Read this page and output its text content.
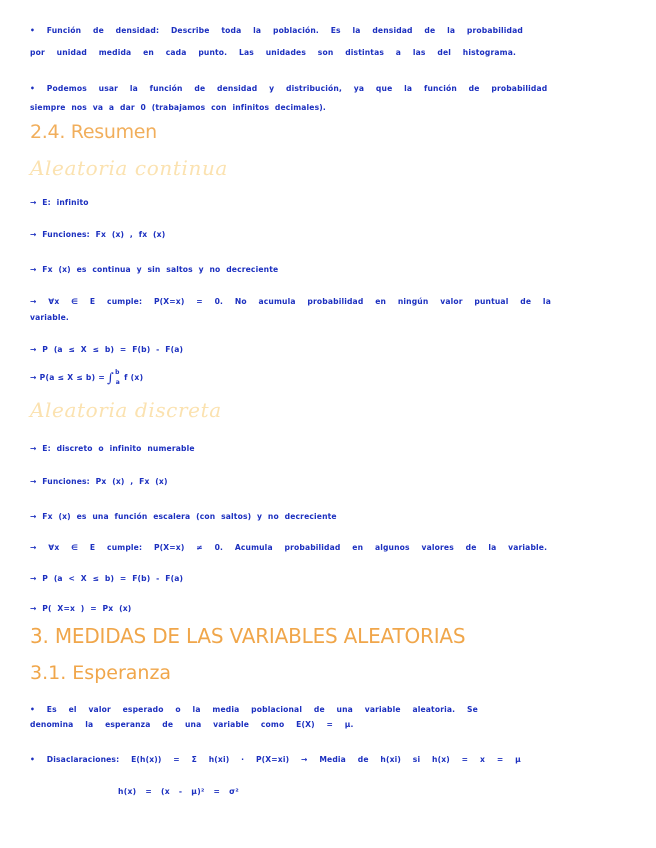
• Función de densidad: Describe toda la población. Es la densidad de la probabilidad
por unidad medida en cada punto. Las unidades son distintas a las del histograma.
• Podemos usar la función de densidad y distribución, ya que la función de probabilidad
siempre nos va a dar 0 (trabajamos con infinitos decimales).
2.4. Resumen
Aleatoria continua
→ E: infinito
→ Funciones: Fx (x) , fx (x)
→ Fx (x) es continua y sin saltos y no decreciente
→ ∀x ∈ E cumple: P(X=x) = 0. No acumula probabilidad en ningún valor puntual de la
variable.
→ P (a ≤ X ≤ b) = F(b) - F(a)
→ P(a ≤ X ≤ b) = ∫$^b_a$f (x)
Aleatoria discreta
→ E: discreto o infinito numerable
→ Funciones: Px (x) , Fx (x)
→ Fx (x) es una función escalera (con saltos) y no decreciente
→ ∀x ∈ E cumple: P(X=x) ≠ 0. Acumula probabilidad en algunos valores de la variable.
→ P (a < X ≤ b) = F(b) - F(a)
→ P( X=x ) = Px (x)
3. MEDIDAS DE LAS VARIABLES ALEATORIAS
3.1. Esperanza
• Es el valor esperado o la media poblacional de una variable aleatoria. Se
denomina la esperanza de una variable como E(X) = μ.
• Disaclaraciones: E(h(x)) = Σ h(xi) · P(X=xi) → Media de h(xi) si h(x) = x = μ
h(x) = (x - μ)² = σ²
